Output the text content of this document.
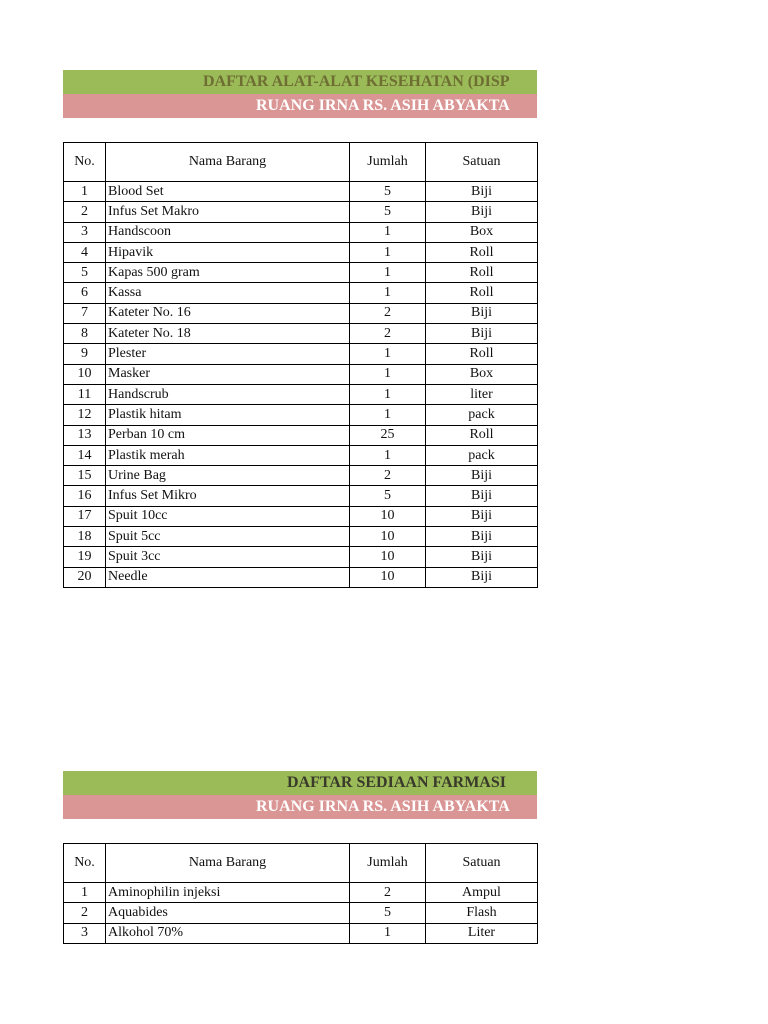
DAFTAR ALAT-ALAT KESEHATAN (DISP
RUANG IRNA RS. ASIH ABYAKTA
No.	Nama Barang	Jumlah	Satuan
1	Blood Set	5	Biji
2	Infus Set Makro	5	Biji
3	Handscoon	1	Box
4	Hipavik	1	Roll
5	Kapas 500 gram	1	Roll
6	Kassa	1	Roll
7	Kateter No. 16	2	Biji
8	Kateter No. 18	2	Biji
9	Plester	1	Roll
10	Masker	1	Box
11	Handscrub	1	liter
12	Plastik hitam	1	pack
13	Perban 10 cm	25	Roll
14	Plastik merah	1	pack
15	Urine Bag	2	Biji
16	Infus Set Mikro	5	Biji
17	Spuit 10cc	10	Biji
18	Spuit 5cc	10	Biji
19	Spuit 3cc	10	Biji
20	Needle	10	Biji
DAFTAR SEDIAAN FARMASI
RUANG IRNA RS. ASIH ABYAKTA
No.	Nama Barang	Jumlah	Satuan
1	Aminophilin injeksi	2	Ampul
2	Aquabides	5	Flash
3	Alkohol 70%	1	Liter
